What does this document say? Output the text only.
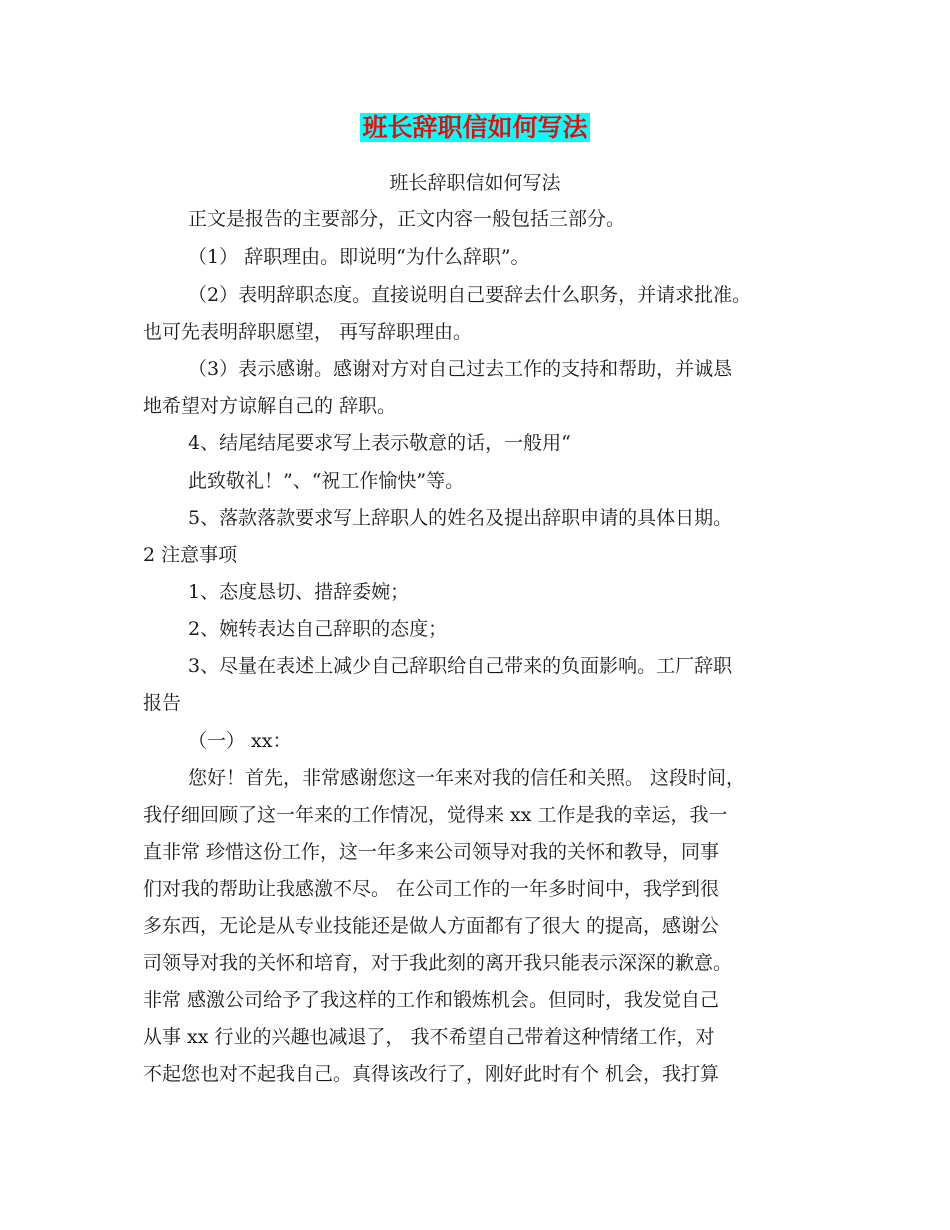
班长辞职信如何写法
班长辞职信如何写法
正文是报告的主要部分，正文内容一般包括三部分。
（1） 辞职理由。即说明“为什么辞职”。
（2）表明辞职态度。直接说明自己要辞去什么职务，并请求批准。
也可先表明辞职愿望， 再写辞职理由。
（3）表示感谢。感谢对方对自己过去工作的支持和帮助，并诚恳
地希望对方谅解自己的 辞职。
4、结尾结尾要求写上表示敬意的话，一般用“
此致敬礼！”、“祝工作愉快”等。
5、落款落款要求写上辞职人的姓名及提出辞职申请的具体日期。
2 注意事项
1、态度恳切、措辞委婉；
2、婉转表达自己辞职的态度；
3、尽量在表述上减少自己辞职给自己带来的负面影响。工厂辞职
报告
（一） xx：
您好！首先，非常感谢您这一年来对我的信任和关照。 这段时间，
我仔细回顾了这一年来的工作情况，觉得来 xx 工作是我的幸运，我一
直非常 珍惜这份工作，这一年多来公司领导对我的关怀和教导，同事
们对我的帮助让我感激不尽。 在公司工作的一年多时间中，我学到很
多东西，无论是从专业技能还是做人方面都有了很大 的提高，感谢公
司领导对我的关怀和培育，对于我此刻的离开我只能表示深深的歉意。
非常 感激公司给予了我这样的工作和锻炼机会。但同时，我发觉自己
从事 xx 行业的兴趣也减退了， 我不希望自己带着这种情绪工作，对
不起您也对不起我自己。真得该改行了，刚好此时有个 机会，我打算
